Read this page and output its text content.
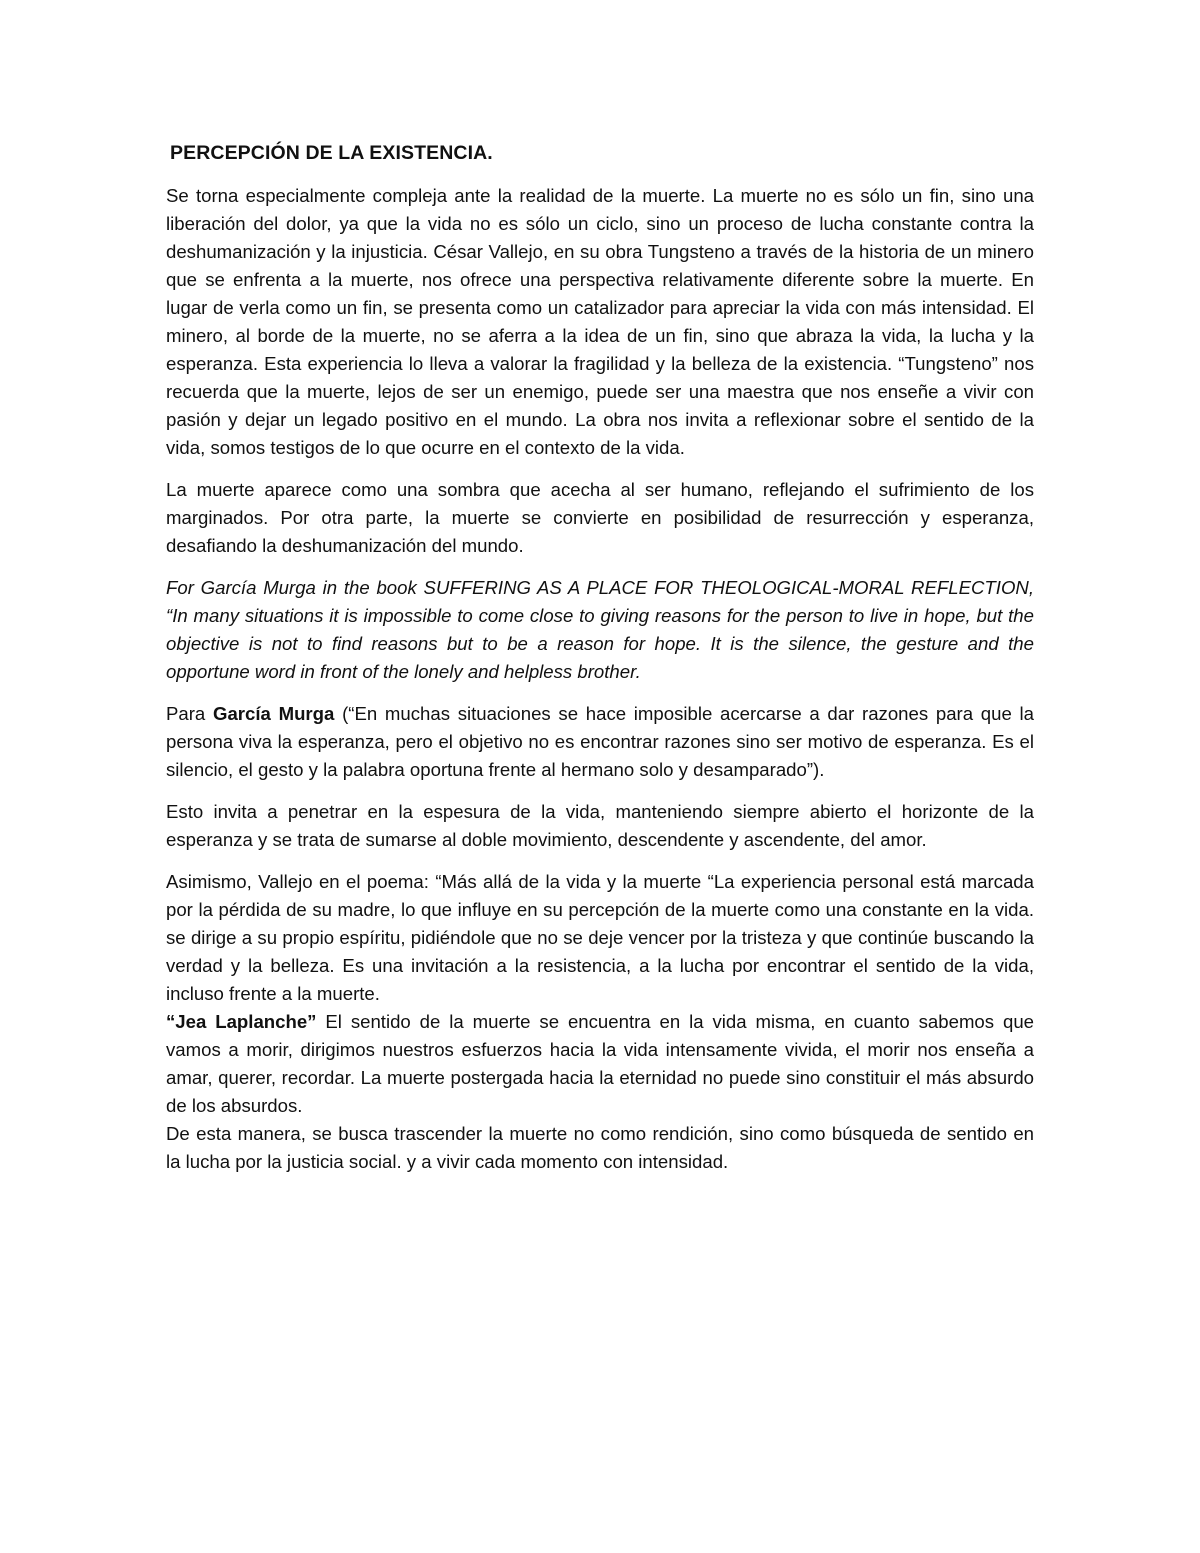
PERCEPCIÓN DE LA EXISTENCIA.

Se torna especialmente compleja ante la realidad de la muerte. La muerte no es sólo un fin, sino una liberación del dolor, ya que la vida no es sólo un ciclo, sino un proceso de lucha constante contra la deshumanización y la injusticia. César Vallejo, en su obra Tungsteno a través de la historia de un minero que se enfrenta a la muerte, nos ofrece una perspectiva relativamente diferente sobre la muerte. En lugar de verla como un fin, se presenta como un catalizador para apreciar la vida con más intensidad. El minero, al borde de la muerte, no se aferra a la idea de un fin, sino que abraza la vida, la lucha y la esperanza. Esta experiencia lo lleva a valorar la fragilidad y la belleza de la existencia. “Tungsteno” nos recuerda que la muerte, lejos de ser un enemigo, puede ser una maestra que nos enseñe a vivir con pasión y dejar un legado positivo en el mundo. La obra nos invita a reflexionar sobre el sentido de la vida, somos testigos de lo que ocurre en el contexto de la vida.

La muerte aparece como una sombra que acecha al ser humano, reflejando el sufrimiento de los marginados. Por otra parte, la muerte se convierte en posibilidad de resurrección y esperanza, desafiando la deshumanización del mundo.

For García Murga in the book SUFFERING AS A PLACE FOR THEOLOGICAL-MORAL REFLECTION, “In many situations it is impossible to come close to giving reasons for the person to live in hope, but the objective is not to find reasons but to be a reason for hope. It is the silence, the gesture and the opportune word in front of the lonely and helpless brother.

Para García Murga (“En muchas situaciones se hace imposible acercarse a dar razones para que la persona viva la esperanza, pero el objetivo no es encontrar razones sino ser motivo de esperanza. Es el silencio, el gesto y la palabra oportuna frente al hermano solo y desamparado”).

Esto invita a penetrar en la espesura de la vida, manteniendo siempre abierto el horizonte de la esperanza y se trata de sumarse al doble movimiento, descendente y ascendente, del amor.

Asimismo, Vallejo en el poema: “Más allá de la vida y la muerte “La experiencia personal está marcada por la pérdida de su madre, lo que influye en su percepción de la muerte como una constante en la vida. se dirige a su propio espíritu, pidiéndole que no se deje vencer por la tristeza y que continúe buscando la verdad y la belleza. Es una invitación a la resistencia, a la lucha por encontrar el sentido de la vida, incluso frente a la muerte.

“Jea Laplanche” El sentido de la muerte se encuentra en la vida misma, en cuanto sabemos que vamos a morir, dirigimos nuestros esfuerzos hacia la vida intensamente vivida, el morir nos enseña a amar, querer, recordar. La muerte postergada hacia la eternidad no puede sino constituir el más absurdo de los absurdos.

De esta manera, se busca trascender la muerte no como rendición, sino como búsqueda de sentido en la lucha por la justicia social. y a vivir cada momento con intensidad.
